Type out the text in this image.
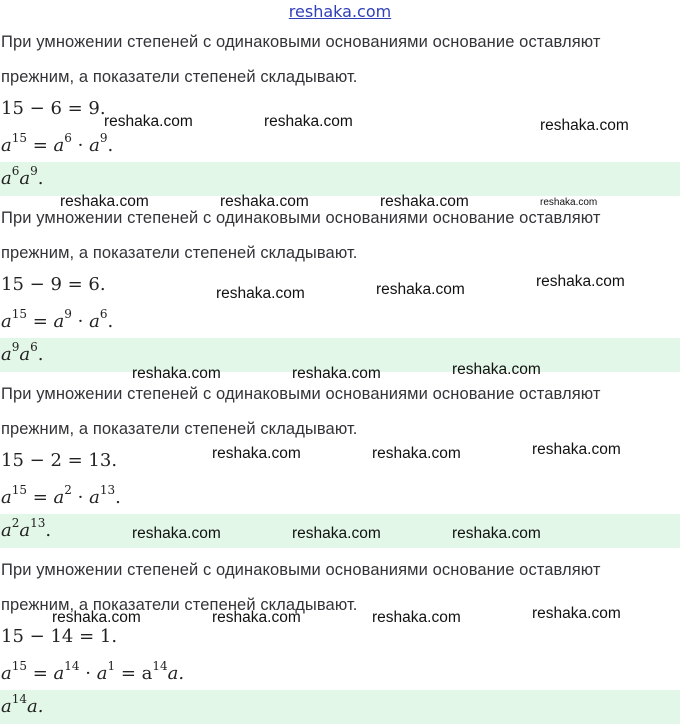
reshaka.com
При умножении степеней с одинаковыми основаниями основание оставляют
прежним, а показатели степеней складывают.
15 − 6 = 9.
$a^{15} = a^6 \cdot a^9$.
$a^6a^9$.
При умножении степеней с одинаковыми основаниями основание оставляют
прежним, а показатели степеней складывают.
15 − 9 = 6.
$a^{15} = a^9 \cdot a^6$.
$a^9a^6$.
При умножении степеней с одинаковыми основаниями основание оставляют
прежним, а показатели степеней складывают.
15 − 2 = 13.
$a^{15} = a^2 \cdot a^{13}$.
$a^2a^{13}$.
При умножении степеней с одинаковыми основаниями основание оставляют
прежним, а показатели степеней складывают.
15 − 14 = 1.
$a^{15} = a^{14} \cdot a^1 = a^{14}a$.
$a^{14}a$.
reshaka.com	reshaka.com	reshaka.com
reshaka.com	reshaka.com	reshaka.com	reshaka.com
reshaka.com	reshaka.com	reshaka.com
reshaka.com	reshaka.com	reshaka.com
reshaka.com	reshaka.com	reshaka.com
reshaka.com	reshaka.com	reshaka.com
reshaka.com	reshaka.com	reshaka.com	reshaka.com
